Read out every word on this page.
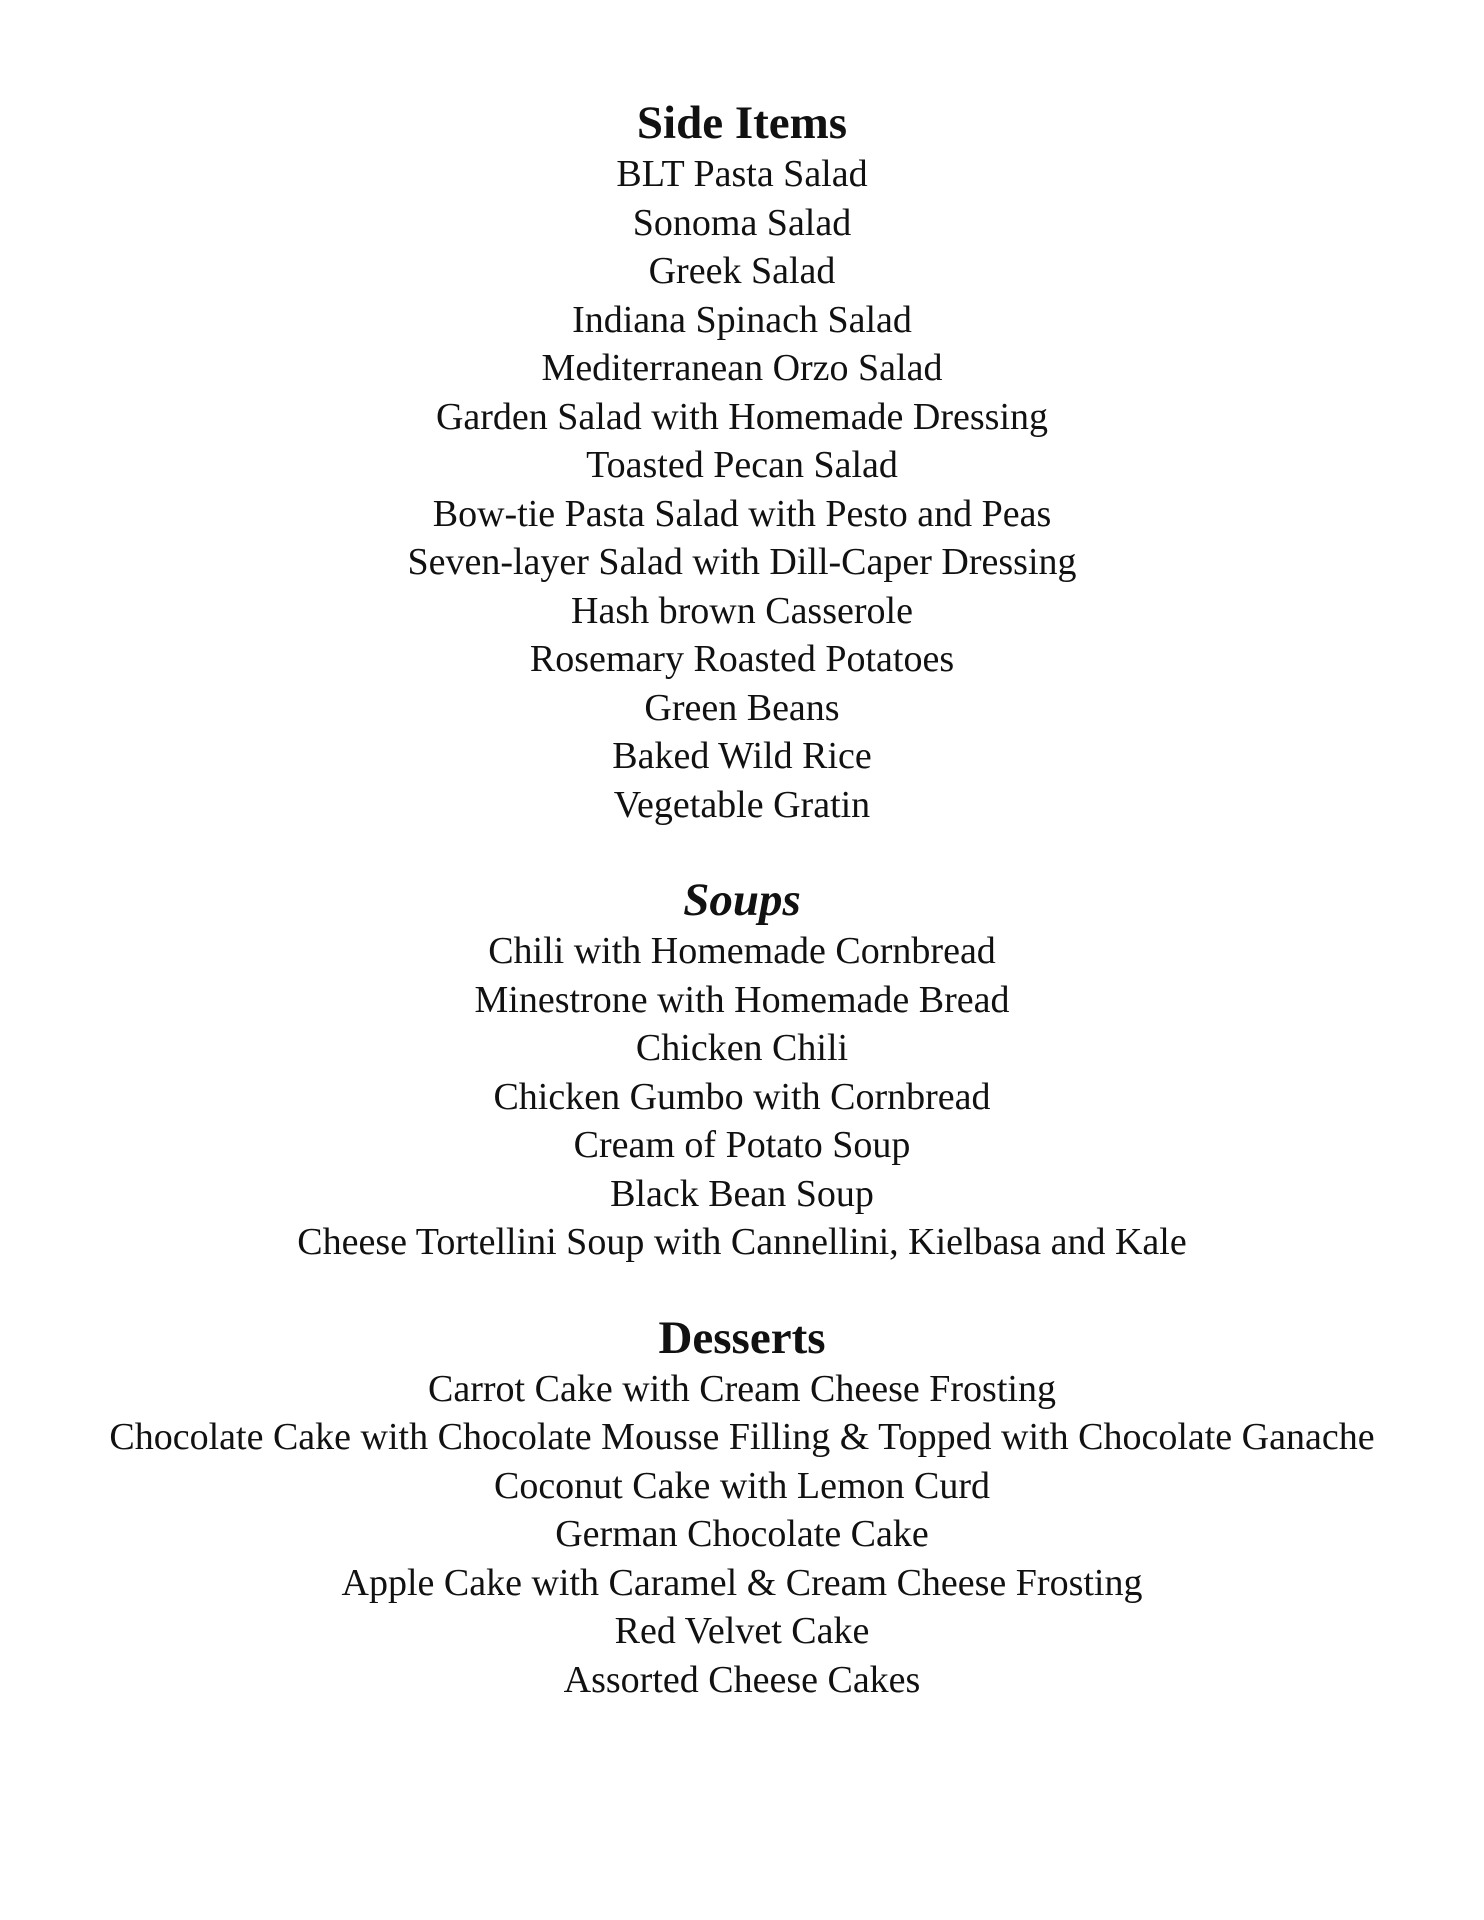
Side Items

BLT Pasta Salad

Sonoma Salad

Greek Salad

Indiana Spinach Salad

Mediterranean Orzo Salad

Garden Salad with Homemade Dressing

Toasted Pecan Salad

Bow-tie Pasta Salad with Pesto and Peas

Seven-layer Salad with Dill-Caper Dressing

Hash brown Casserole

Rosemary Roasted Potatoes

Green Beans

Baked Wild Rice

Vegetable Gratin

Soups

Chili with Homemade Cornbread

Minestrone with Homemade Bread

Chicken Chili

Chicken Gumbo with Cornbread

Cream of Potato Soup

Black Bean Soup

Cheese Tortellini Soup with Cannellini, Kielbasa and Kale

Desserts

Carrot Cake with Cream Cheese Frosting

Chocolate Cake with Chocolate Mousse Filling & Topped with Chocolate Ganache

Coconut Cake with Lemon Curd

German Chocolate Cake

Apple Cake with Caramel & Cream Cheese Frosting

Red Velvet Cake

Assorted Cheese Cakes
